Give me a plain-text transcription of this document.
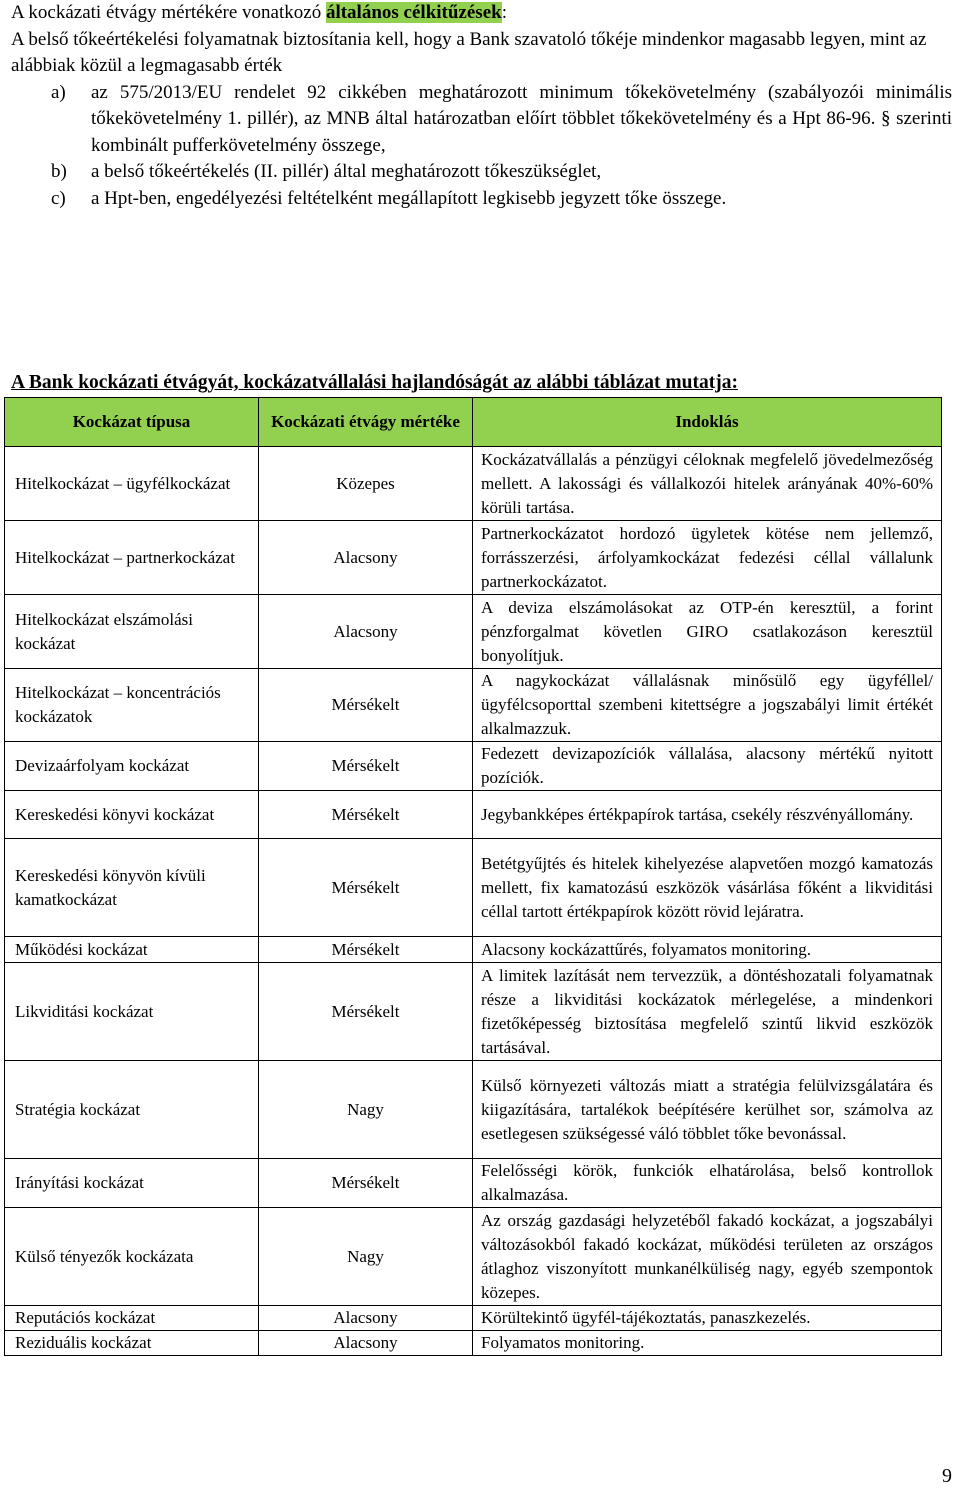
A kockázati étvágy mértékére vonatkozó általános célkitűzések:

A belső tőkeértékelési folyamatnak biztosítania kell, hogy a Bank szavatoló tőkéje mindenkor magasabb legyen, mint az alábbiak közül a legmagasabb érték

a) az 575/2013/EU rendelet 92 cikkében meghatározott minimum tőkekövetelmény (szabályozói minimális tőkekövetelmény 1. pillér), az MNB által határozatban előírt többlet tőkekövetelmény és a Hpt 86-96. § szerinti kombinált pufferkövetelmény összege,
b) a belső tőkeértékelés (II. pillér) által meghatározott tőkeszükséglet,
c) a Hpt-ben, engedélyezési feltételként megállapított legkisebb jegyzett tőke összege.

A Bank kockázati étvágyát, kockázatvállalási hajlandóságát az alábbi táblázat mutatja:

Kockázat típusa	Kockázati étvágy mértéke	Indoklás
Hitelkockázat – ügyfélkockázat	Közepes	Kockázatvállalás a pénzügyi céloknak megfelelő jövedelmezőség mellett. A lakossági és vállalkozói hitelek arányának 40%-60% körüli tartása.
Hitelkockázat – partnerkockázat	Alacsony	Partnerkockázatot hordozó ügyletek kötése nem jellemző, forrásszerzési, árfolyamkockázat fedezési céllal vállalunk partnerkockázatot.
Hitelkockázat elszámolási kockázat	Alacsony	A deviza elszámolásokat az OTP-én keresztül, a forint pénzforgalmat követlen GIRO csatlakozáson keresztül bonyolítjuk.
Hitelkockázat – koncentrációs kockázatok	Mérsékelt	A nagykockázat vállalásnak minősülő egy ügyféllel/ügyfélcsoporttal szembeni kitettségre a jogszabályi limit értékét alkalmazzuk.
Devizaárfolyam kockázat	Mérsékelt	Fedezett devizapozíciók vállalása, alacsony mértékű nyitott pozíciók.
Kereskedési könyvi kockázat	Mérsékelt	Jegybankképes értékpapírok tartása, csekély részvényállomány.
Kereskedési könyvön kívüli kamatkockázat	Mérsékelt	Betétgyűjtés és hitelek kihelyezése alapvetően mozgó kamatozás mellett, fix kamatozású eszközök vásárlása főként a likviditási céllal tartott értékpapírok között rövid lejáratra.
Működési kockázat	Mérsékelt	Alacsony kockázattűrés, folyamatos monitoring.
Likviditási kockázat	Mérsékelt	A limitek lazítását nem tervezzük, a döntéshozatali folyamatnak része a likviditási kockázatok mérlegelése, a mindenkori fizetőképesség biztosítása megfelelő szintű likvid eszközök tartásával.
Stratégia kockázat	Nagy	Külső környezeti változás miatt a stratégia felülvizsgálatára és kiigazítására, tartalékok beépítésére kerülhet sor, számolva az esetlegesen szükségessé váló többlet tőke bevonással.
Irányítási kockázat	Mérsékelt	Felelősségi körök, funkciók elhatárolása, belső kontrollok alkalmazása.
Külső tényezők kockázata	Nagy	Az ország gazdasági helyzetéből fakadó kockázat, a jogszabályi változásokból fakadó kockázat, működési területen az országos átlaghoz viszonyított munkanélküliség nagy, egyéb szempontok közepes.
Reputációs kockázat	Alacsony	Körültekintő ügyfél-tájékoztatás, panaszkezelés.
Reziduális kockázat	Alacsony	Folyamatos monitoring.
9
